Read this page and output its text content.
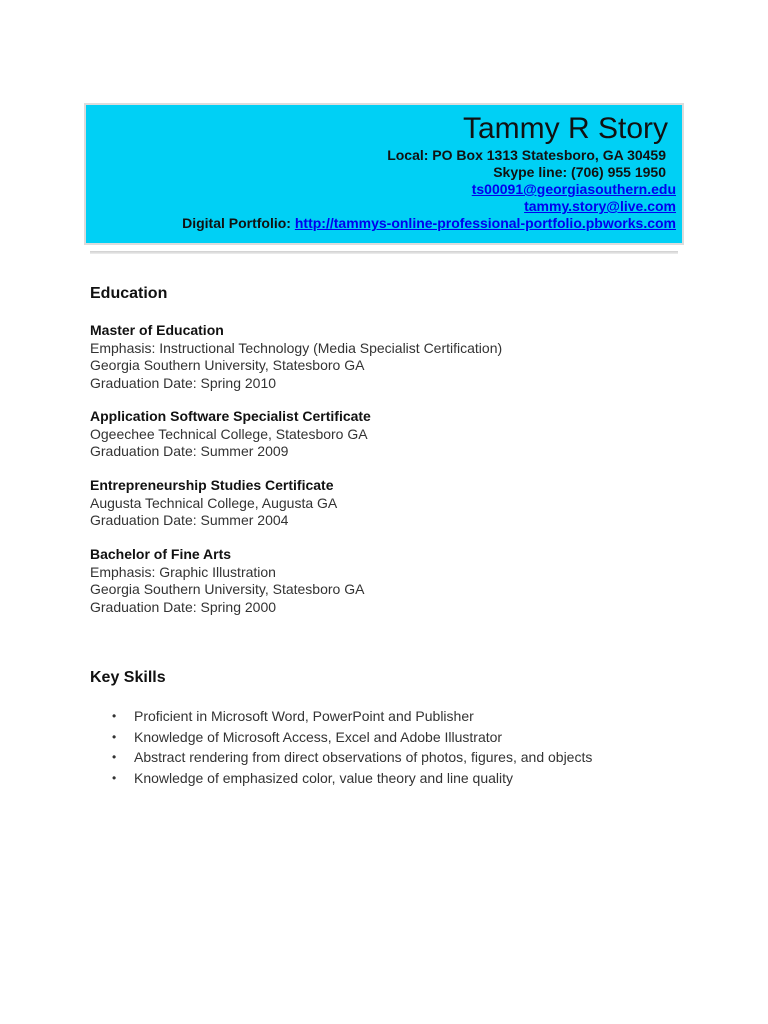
Tammy R Story
Local: PO Box 1313 Statesboro, GA 30459
Skype line: (706) 955 1950
ts00091@georgiasouthern.edu
tammy.story@live.com
Digital Portfolio: http://tammys-online-professional-portfolio.pbworks.com
Education
Master of Education
Emphasis: Instructional Technology (Media Specialist Certification)
Georgia Southern University, Statesboro GA
Graduation Date: Spring 2010
Application Software Specialist Certificate
Ogeechee Technical College, Statesboro GA
Graduation Date: Summer 2009
Entrepreneurship Studies Certificate
Augusta Technical College, Augusta GA
Graduation Date: Summer 2004
Bachelor of Fine Arts
Emphasis: Graphic Illustration
Georgia Southern University, Statesboro GA
Graduation Date: Spring 2000
Key Skills
• Proficient in Microsoft Word, PowerPoint and Publisher
• Knowledge of Microsoft Access, Excel and Adobe Illustrator
• Abstract rendering from direct observations of photos, figures, and objects
• Knowledge of emphasized color, value theory and line quality
